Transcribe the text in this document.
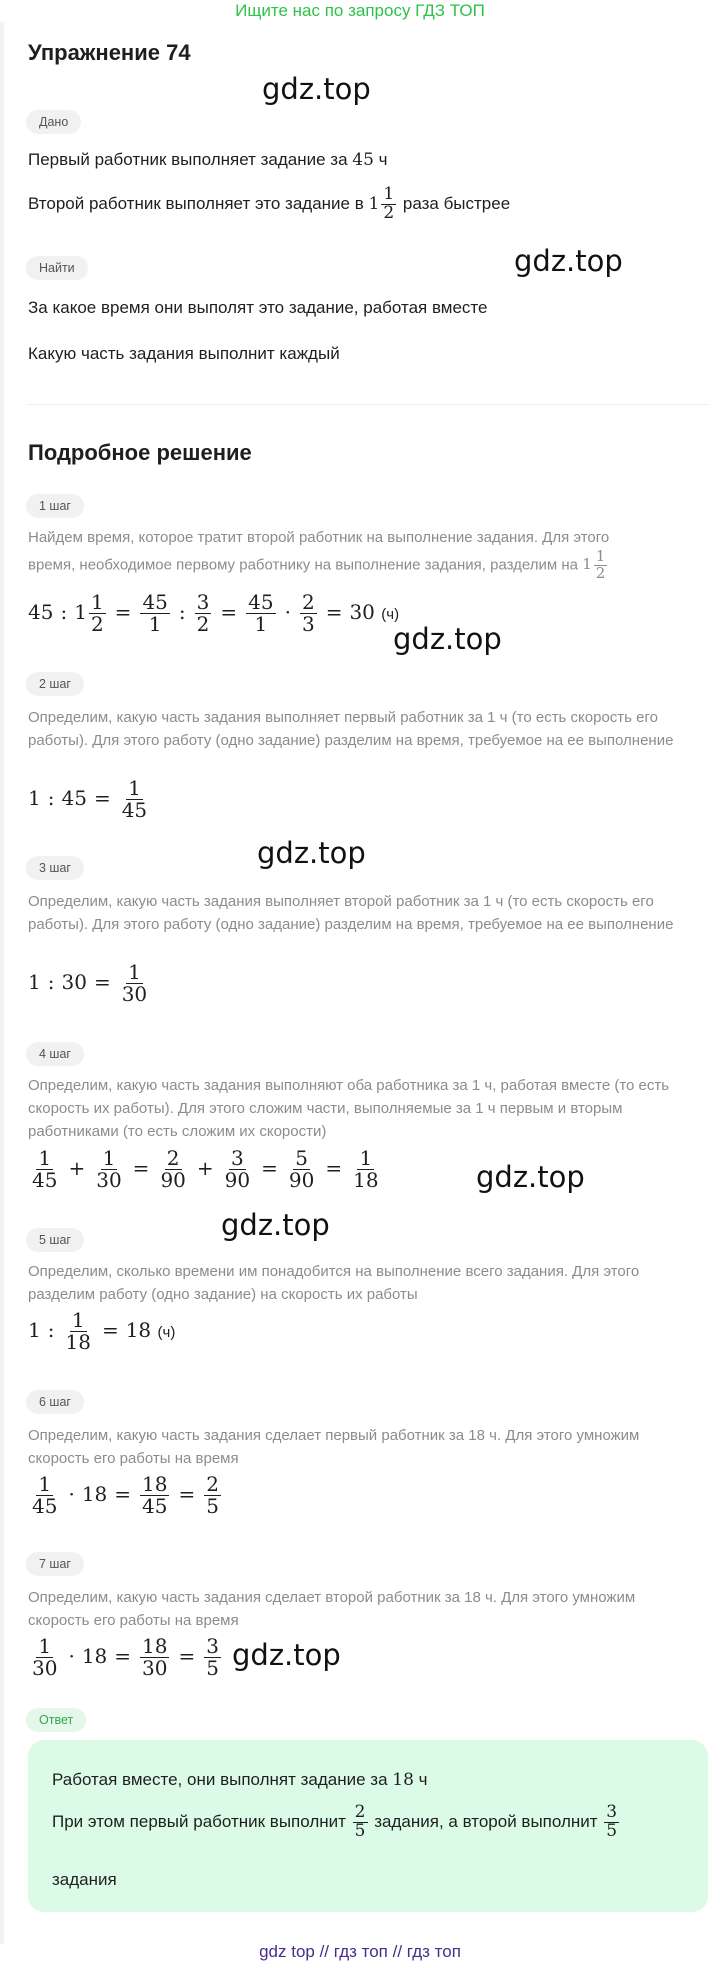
Ищите нас по запросу ГДЗ ТОП
gdz.top
gdz.top
gdz.top
gdz.top
gdz.top
gdz.top
gdz.top
Упражнение 74
Дано
Первый работник выполняет задание за 45 ч
Второй работник выполняет это задание в $1 \frac{1}{2}$ раза быстрее
Найти
За какое время они выполят это задание, работая вместе
Какую часть задания выполнит каждый
Подробное решение
1 шаг
Найдем время, которое тратит второй работник на выполнение задания. Для этого время, необходимое первому работнику на выполнение задания, разделим на $1 \frac{1}{2}$
45 : $1 \frac{1}{2} = \frac{45}{1}$ : $\frac{3}{2} = \frac{45}{1} \cdot \frac{2}{3} = 30$ (ч)
2 шаг
Определим, какую часть задания выполняет первый работник за 1 ч (то есть скорость его работы). Для этого работу (одно задание) разделим на время, требуемое на ее выполнение
1 : $45 = \frac{1}{45}$
3 шаг
Определим, какую часть задания выполняет второй работник за 1 ч (то есть скорость его работы). Для этого работу (одно задание) разделим на время, требуемое на ее выполнение
1 : $30 = \frac{1}{30}$
4 шаг
Определим, какую часть задания выполняют оба работника за 1 ч, работая вместе (то есть скорость их работы). Для этого сложим части, выполняемые за 1 ч первым и вторым работниками (то есть сложим их скорости)
$\frac{1}{45} + \frac{1}{30} = \frac{2}{90} + \frac{3}{90} = \frac{5}{90} = \frac{1}{18}$
5 шаг
Определим, сколько времени им понадобится на выполнение всего задания. Для этого разделим работу (одно задание) на скорость их работы
1 : $\frac{1}{18} = 18$ (ч)
6 шаг
Определим, какую часть задания сделает первый работник за 18 ч. Для этого умножим скорость его работы на время
$\frac{1}{45} \cdot 18 = \frac{18}{45} = \frac{2}{5}$
7 шаг
Определим, какую часть задания сделает второй работник за 18 ч. Для этого умножим скорость его работы на время
$\frac{1}{30} \cdot 18 = \frac{18}{30} = \frac{3}{5}$
Ответ
Работая вместе, они выполнят задание за 18 ч
При этом первый работник выполнит $\frac{2}{5}$ задания, а второй выполнит $\frac{3}{5}$
задания
gdz top // гдз топ // гдз топ
